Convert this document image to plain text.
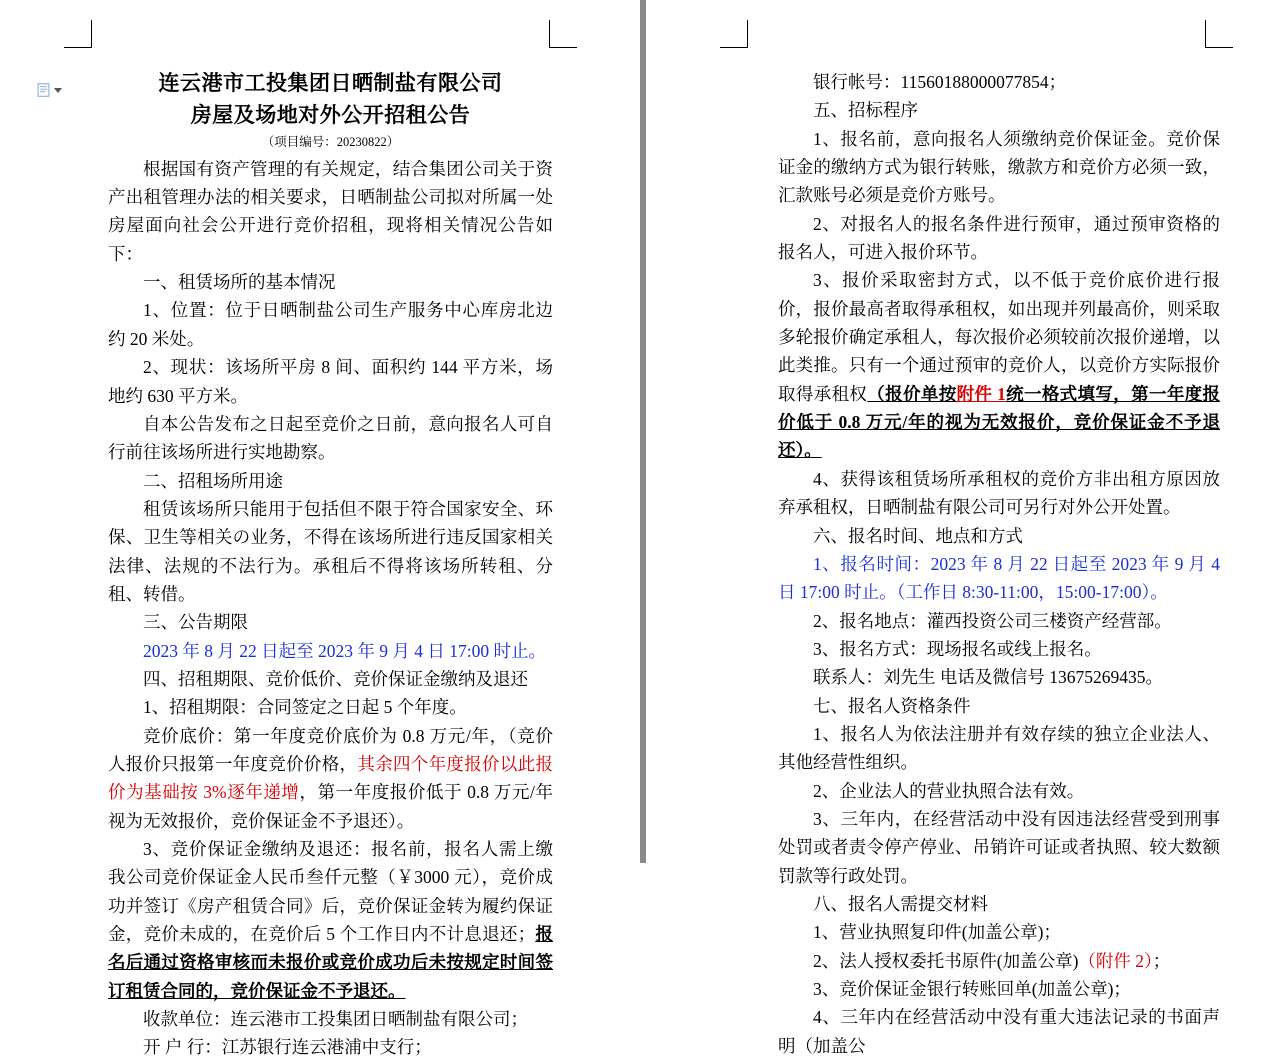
连云港市工投集团日晒制盐有限公司
房屋及场地对外公开招租公告
（项目编号：20230822）

根据国有资产管理的有关规定，结合集团公司关于资产出租管理办法的相关要求，日晒制盐公司拟对所属一处房屋面向社会公开进行竞价招租，现将相关情况公告如下：

一、租赁场所的基本情况

1、位置：位于日晒制盐公司生产服务中心库房北边约 20 米处。

2、现状：该场所平房 8 间、面积约 144 平方米，场地约 630 平方米。

自本公告发布之日起至竞价之日前，意向报名人可自行前往该场所进行实地勘察。

二、招租场所用途

租赁该场所只能用于包括但不限于符合国家安全、环保、卫生等相关の业务，不得在该场所进行违反国家相关法律、法规的不法行为。承租后不得将该场所转租、分租、转借。

三、公告期限

2023 年 8 月 22 日起至 2023 年 9 月 4 日 17:00 时止。

四、招租期限、竞价低价、竞价保证金缴纳及退还

1、招租期限：合同签定之日起 5 个年度。

竞价底价：第一年度竞价底价为 0.8 万元/年，（竞价人报价只报第一年度竞价价格，其余四个年度报价以此报价为基础按 3%逐年递增，第一年度报价低于 0.8 万元/年视为无效报价，竞价保证金不予退还）。

3、竞价保证金缴纳及退还：报名前，报名人需上缴我公司竞价保证金人民币叁仟元整（￥3000 元），竞价成功并签订《房产租赁合同》后，竞价保证金转为履约保证金，竞价未成的，在竞价后 5 个工作日内不计息退还；报名后通过资格审核而未报价或竞价成功后未按规定时间签订租赁合同的，竞价保证金不予退还。

收款单位：连云港市工投集团日晒制盐有限公司；

开 户 行：江苏银行连云港浦中支行；

银行帐号：11560188000077854；

五、招标程序

1、报名前，意向报名人须缴纳竞价保证金。竞价保证金的缴纳方式为银行转账，缴款方和竞价方必须一致，汇款账号必须是竞价方账号。

2、对报名人的报名条件进行预审，通过预审资格的报名人，可进入报价环节。

3、报价采取密封方式，以不低于竞价底价进行报价，报价最高者取得承租权，如出现并列最高价，则采取多轮报价确定承租人，每次报价必须较前次报价递增，以此类推。只有一个通过预审的竞价人，以竞价方实际报价取得承租权（报价单按附件 1统一格式填写，第一年度报价低于 0.8 万元/年的视为无效报价，竞价保证金不予退还）。

4、获得该租赁场所承租权的竞价方非出租方原因放弃承租权，日晒制盐有限公司可另行对外公开处置。

六、报名时间、地点和方式

1、报名时间：2023 年 8 月 22 日起至 2023 年 9 月 4 日 17:00 时止。（工作日 8:30-11:00，15:00-17:00）。

2、报名地点：灌西投资公司三楼资产经营部。

3、报名方式：现场报名或线上报名。

联系人：刘先生 电话及微信号 13675269435。

七、报名人资格条件

1、报名人为依法注册并有效存续的独立企业法人、其他经营性组织。

2、企业法人的营业执照合法有效。

3、三年内，在经营活动中没有因违法经营受到刑事处罚或者责令停产停业、吊销许可证或者执照、较大数额罚款等行政处罚。

八、报名人需提交材料

1、营业执照复印件(加盖公章)；

2、法人授权委托书原件(加盖公章)（附件 2）；

3、竞价保证金银行转账回单(加盖公章)；

4、三年内在经营活动中没有重大违法记录的书面声明（加盖公
